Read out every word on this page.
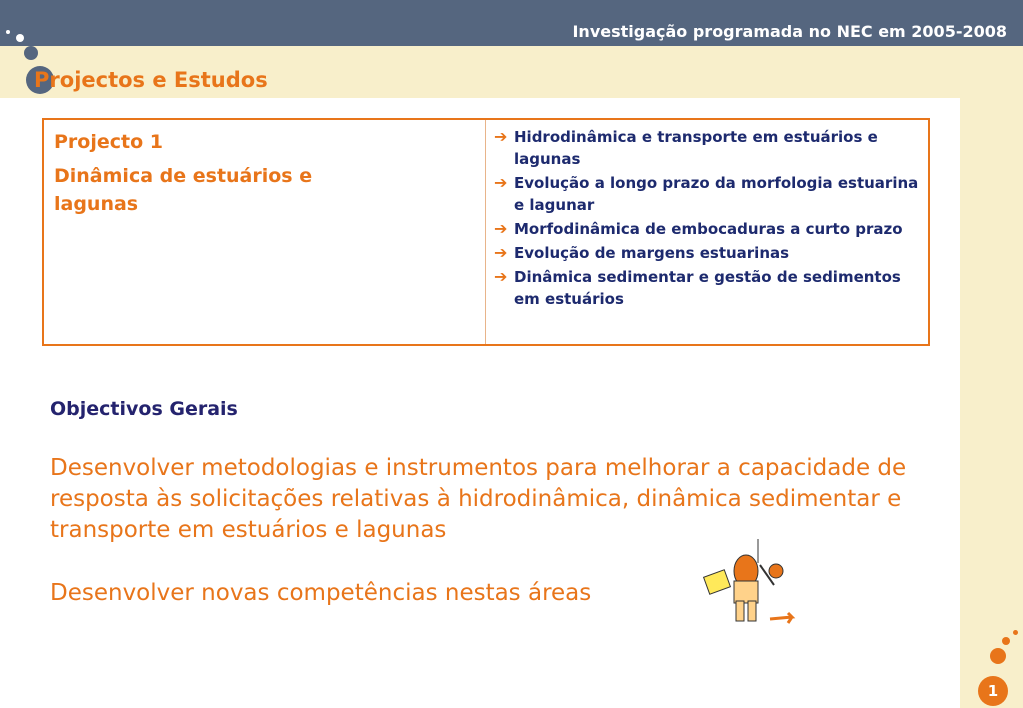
Investigação programada no NEC em 2005-2008
P rojectos e Estudos
Projecto 1
Dinâmica de estuários e lagunas
➔ Hidrodinâmica e transporte em estuários e lagunas
➔ Evolução a longo prazo da morfologia estuarina e lagunar
➔ Morfodinâmica de embocaduras a curto prazo
➔ Evolução de margens estuarinas
➔ Dinâmica sedimentar e gestão de sedimentos em estuários
Objectivos Gerais
Desenvolver metodologias e instrumentos para melhorar a capacidade de resposta às solicitações relativas à hidrodinâmica, dinâmica sedimentar e transporte em estuários e lagunas
Desenvolver novas competências nestas áreas
1
